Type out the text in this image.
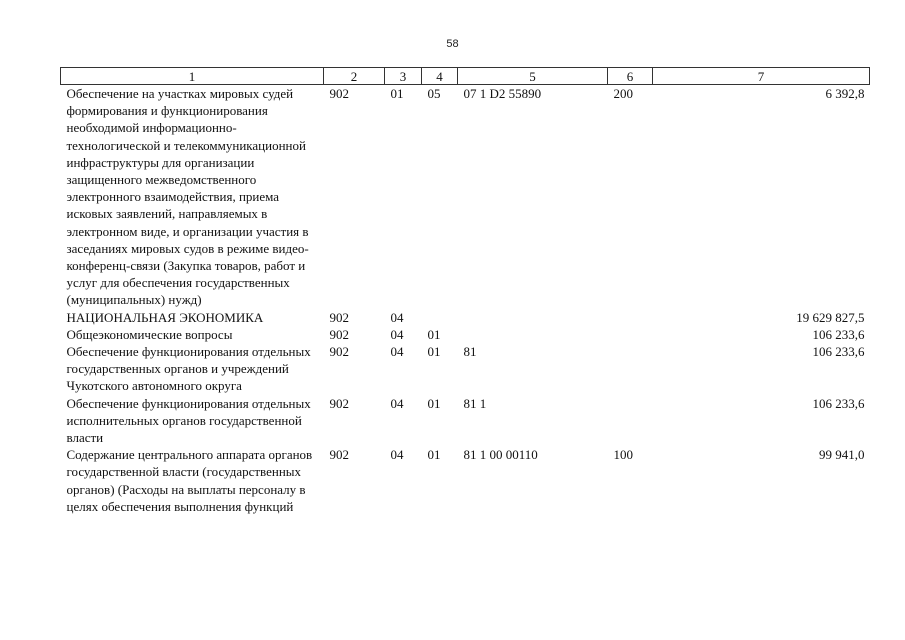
58
1	2	3	4	5	6	7
Обеспечение на участках мировых судей формирования и функционирования необходимой информационно-технологической и телекоммуникационной инфраструктуры для организации защищенного межведомственного электронного взаимодействия, приема исковых заявлений, направляемых в электронном виде, и организации участия в заседаниях мировых судов в режиме видео-конференц-связи (Закупка товаров, работ и услуг для обеспечения государственных (муниципальных) нужд)	902	01	05	07 1 D2 55890	200	6 392,8
НАЦИОНАЛЬНАЯ ЭКОНОМИКА	902	04				19 629 827,5
Общеэкономические вопросы	902	04	01			106 233,6
Обеспечение функционирования отдельных государственных органов и учреждений Чукотского автономного округа	902	04	01	81		106 233,6
Обеспечение функционирования отдельных исполнительных органов государственной власти	902	04	01	81 1		106 233,6
Содержание центрального аппарата органов государственной власти (государственных органов) (Расходы на выплаты персоналу в целях обеспечения выполнения функций	902	04	01	81 1 00 00110	100	99 941,0
